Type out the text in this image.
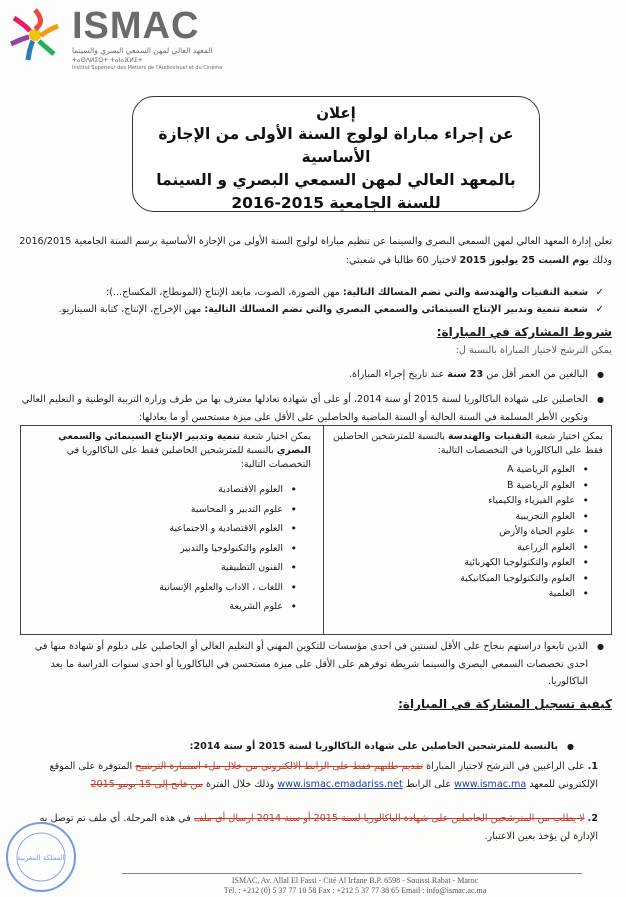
ISMAC
المعهد العالي لمهن السمعي البصري والسينما
ⵜⴰⵙⴷⵍⵉⵙⵜ ⵜⴰⵏⴰⴼⵍⵉⵜ
Institut Supérieur des Métiers de l'Audiovisuel et du Cinéma
إعلان
عن إجراء مباراة لولوج السنة الأولى من الإجازة الأساسية
بالمعهد العالي لمهن السمعي البصري و السينما
للسنة الجامعية 2015-2016
تعلن إدارة المعهد العالي لمهن السمعي البصري والسينما عن تنظيم مباراة لولوج السنة الأولى من الإجازة الأساسية برسم السنة الجامعية 2016/2015 وذلك يوم السبت 25 يوليوز 2015 لاختيار 60 طالبا في شعبتي:
✓ شعبة التقنيات والهندسة والتي تضم المسالك التالية: مهن الصورة، الصوت، مابعد الإنتاج (المونطاج، المكساج...)؛
✓ شعبة تنمية وتدبير الإنتاج السينمائي والسمعي البصري والتي تضم المسالك التالية: مهن الإخراج، الإنتاج، كتابة السيناريو.
شروط المشاركة في المباراة:
يمكن الترشح لاجتياز المباراة بالنسبة ل:
● البالغين من العمر أقل من 23 سنة عند تاريخ إجراء المباراة.
● الحاصلين على شهادة الباكالوريا لسنة 2015 أو سنة 2014، أو على أي شهادة تعادلها معترف بها من طرف وزارة التربية الوطنية و التعليم العالي وتكوين الأطر المسلمة في السنة الحالية أو السنة الماضية والحاصلين على الأقل على ميزة مستحسن أو ما يعادلها:
يمكن اختيار شعبة التقنيات والهندسة بالنسبة للمترشحين الحاصلين فقط على الباكالوريا في التخصصات التالية:
• العلوم الرياضية A
• العلوم الرياضية B
• علوم الفيزياء والكيمياء
• العلوم التجريبية
• علوم الحياة والأرض
• العلوم الزراعية
• العلوم والتكنولوجيا الكهربائية
• العلوم والتكنولوجيا الميكانيكية
• العلمية
يمكن اختيار شعبة تنمية وتدبير الإنتاج السينمائي والسمعي البصري بالنسبة للمترشحين الحاصلين فقط على الباكالوريا في التخصصات التالية:
• العلوم الاقتصادية
• علوم التدبير و المحاسبة
• العلوم الاقتصادية و الاجتماعية
• العلوم والتكنولوجيا والتدبير
• الفنون التطبيقية
• اللغات ، الاداب والعلوم الإنسانية
• علوم الشريعة
● الذين تابعوا دراستهم بنجاح على الأقل لسنتين في احدى مؤسسات للتكوين المهني أو التعليم العالي أو الحاصلين على دبلوم أو شهادة منها في احدى تخصصات السمعي البصري والسينما شريطة توفرهم على الأقل على ميزة مستحسن في الباكالوريا أو احدى سنوات الدراسة ما بعد الباكالوريا.
كيفية تسجيل المشاركة في المباراة:
● بالنسبة للمترشحين الحاصلين على شهادة الباكالوريا لسنة 2015 أو سنة 2014:
1. على الراغبين في الترشح لاجتياز المباراة تقديم طلبهم فقط على الرابط الالكتروني من خلال ملء استمارة الترشيح المتوفرة على الموقع الإلكتروني للمعهد www.ismac.ma على الرابط www.ismac.emadariss.net وذلك خلال الفترة من فاتح إلى 15 يونيو 2015
2. لا يطلب من المترشحين الحاصلين على شهادة الباكالوريا لسنة 2015 أو سنة 2014 ارسال أي ملف في هذه المرحلة. أي ملف تم توصل به الإدارة لن يؤخذ بعين الاعتبار.
المملكة المغربية
ISMAC, Av. Allal El Fassi - Cité Al Irfane B.P. 6598 - Souissi Rabat - Maroc
Tél. : +212 (0) 5 37 77 10 58 Fax : +212 5 37 77 38 65 Email : info@ismac.ac.ma
